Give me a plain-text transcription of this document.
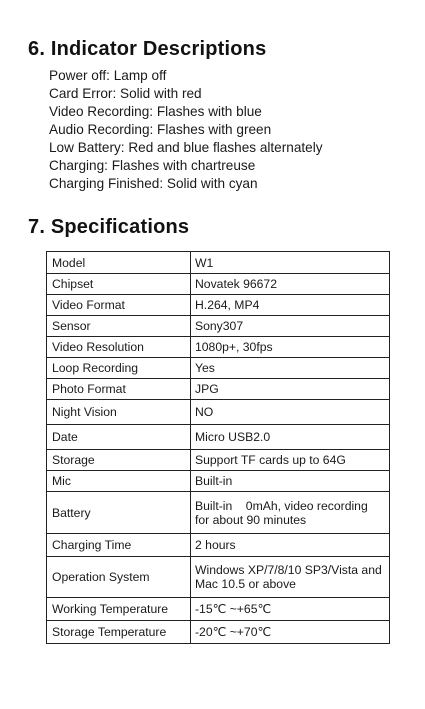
6. Indicator Descriptions
Power off: Lamp off
Card Error: Solid with red
Video Recording: Flashes with blue
Audio Recording: Flashes with green
Low Battery: Red and blue flashes alternately
Charging: Flashes with chartreuse
Charging Finished: Solid with cyan
7. Specifications
Model	W1
Chipset	Novatek 96672
Video Format	H.264, MP4
Sensor	Sony307
Video Resolution	1080p+, 30fps
Loop Recording	Yes
Photo Format	JPG
Night Vision	NO
Date	Micro USB2.0
Storage	Support TF cards up to 64G
Mic	Built-in
Battery	Built-in    0mAh, video recording for about 90 minutes
Charging Time	2 hours
Operation System	Windows XP/7/8/10 SP3/Vista and Mac 10.5 or above
Working Temperature	-15℃ ~+65℃
Storage Temperature	-20℃ ~+70℃
